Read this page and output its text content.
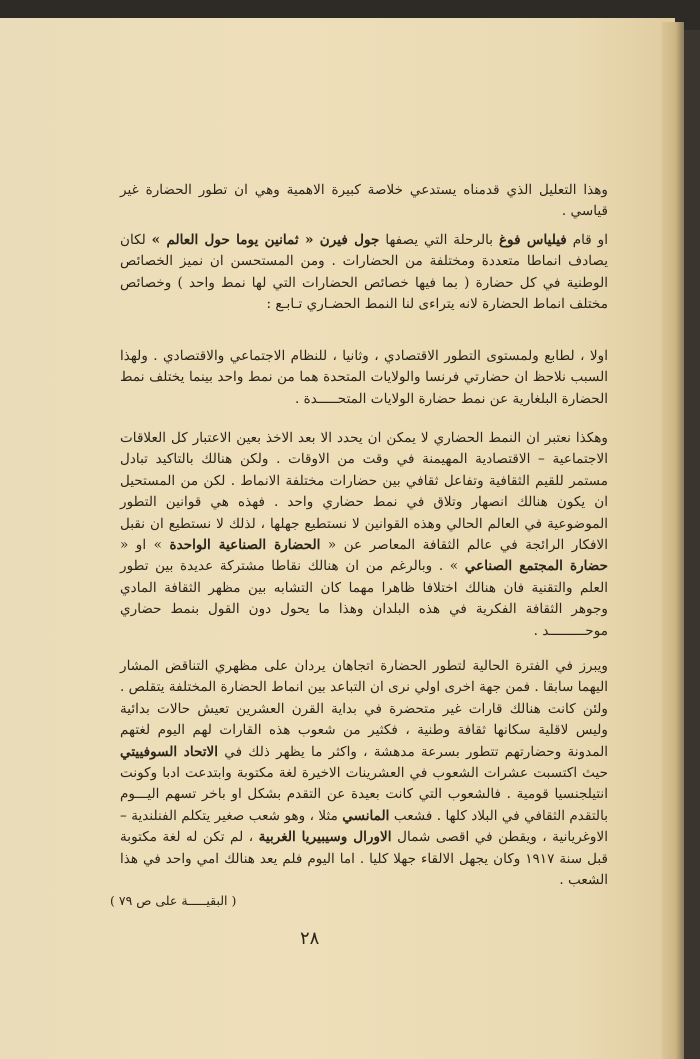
وهذا التعليل الذي قدمناه يستدعي خلاصة كبيرة الاهمية وهي ان تطور الحضارة غير قياسي .
او قام فيلياس فوغ بالرحلة التي يصفها جول فيرن « ثمانين يوما حول العالم » لكان يصادف انماطا متعددة ومختلفة من الحضارات . ومن المستحسن ان نميز الخصائص الوطنية في كل حضارة ( بما فيها خصائص الحضارات التي لها نمط واحد ) وخصائص مختلف انماط الحضارة لانه يتراءى لنا النمط الحضـاري تـابـع :
اولا ، لطابع ولمستوى التطور الاقتصادي ، وثانيا ، للنظام الاجتماعي والاقتصادي . ولهذا السبب نلاحظ ان حضارتي فرنسا والولايات المتحدة هما من نمط واحد بينما يختلف نمط الحضارة البلغارية عن نمط حضارة الولايات المتحـــــدة .
وهكذا نعتبر ان النمط الحضاري لا يمكن ان يحدد الا بعد الاخذ بعين الاعتبار كل العلاقات الاجتماعية – الاقتصادية المهيمنة في وقت من الاوقات . ولكن هنالك بالتاكيد تبادل مستمر للقيم الثقافية وتفاعل ثقافي بين حضارات مختلفة الانماط . لكن من المستحيل ان يكون هنالك انصهار وتلاق في نمط حضاري واحد . فهذه هي قوانين التطور الموضوعية في العالم الحالي وهذه القوانين لا نستطيع جهلها ، لذلك لا نستطيع ان نقبل الافكار الرائجة في عالم الثقافة المعاصر عن « الحضارة الصناعية الواحدة » او « حضارة المجتمع الصناعي » . وبالرغم من ان هنالك نقاطا مشتركة عديدة بين تطور العلم والتقنية فان هنالك اختلافا ظاهرا مهما كان التشابه بين مظهر الثقافة المادي وجوهر الثقافة الفكرية في هذه البلدان وهذا ما يحول دون القول بنمط حضاري موحـــــــــد .
ويبرز في الفترة الحالية لتطور الحضارة اتجاهان يردان على مظهري التناقض المشار اليهما سابقا . فمن جهة اخرى اولي نرى ان التباعد بين انماط الحضارة المختلفة يتقلص . ولئن كانت هنالك قارات غير متحضرة في بداية القرن العشرين تعيش حالات بدائية وليس لاقلية سكانها ثقافة وطنية ، فكثير من شعوب هذه القارات لهم اليوم لغتهم المدونة وحضارتهم تتطور بسرعة مدهشة ، واكثر ما يظهر ذلك في الاتحاد السوفييتي حيث اكتسبت عشرات الشعوب في العشرينات الاخيرة لغة مكتوبة وابتدعت ادبا وكونت انتيلجنسيا قومية . فالشعوب التي كانت بعيدة عن التقدم بشكل او باخر تسهم اليـــوم بالتقدم الثقافي في البلاد كلها . فشعب المانسي مثلا ، وهو شعب صغير يتكلم الفنلندية – الاوغريانية ، ويقطن في اقصى شمال الاورال وسيبيريا الغربية ، لم تكن له لغة مكتوبة قبل سنة ١٩١٧ وكان يجهل الالقاء جهلا كليا . اما اليوم فلم يعد هنالك امي واحد في هذا الشعب .
( البقيـــــة على ص ٧٩ )
٢٨
